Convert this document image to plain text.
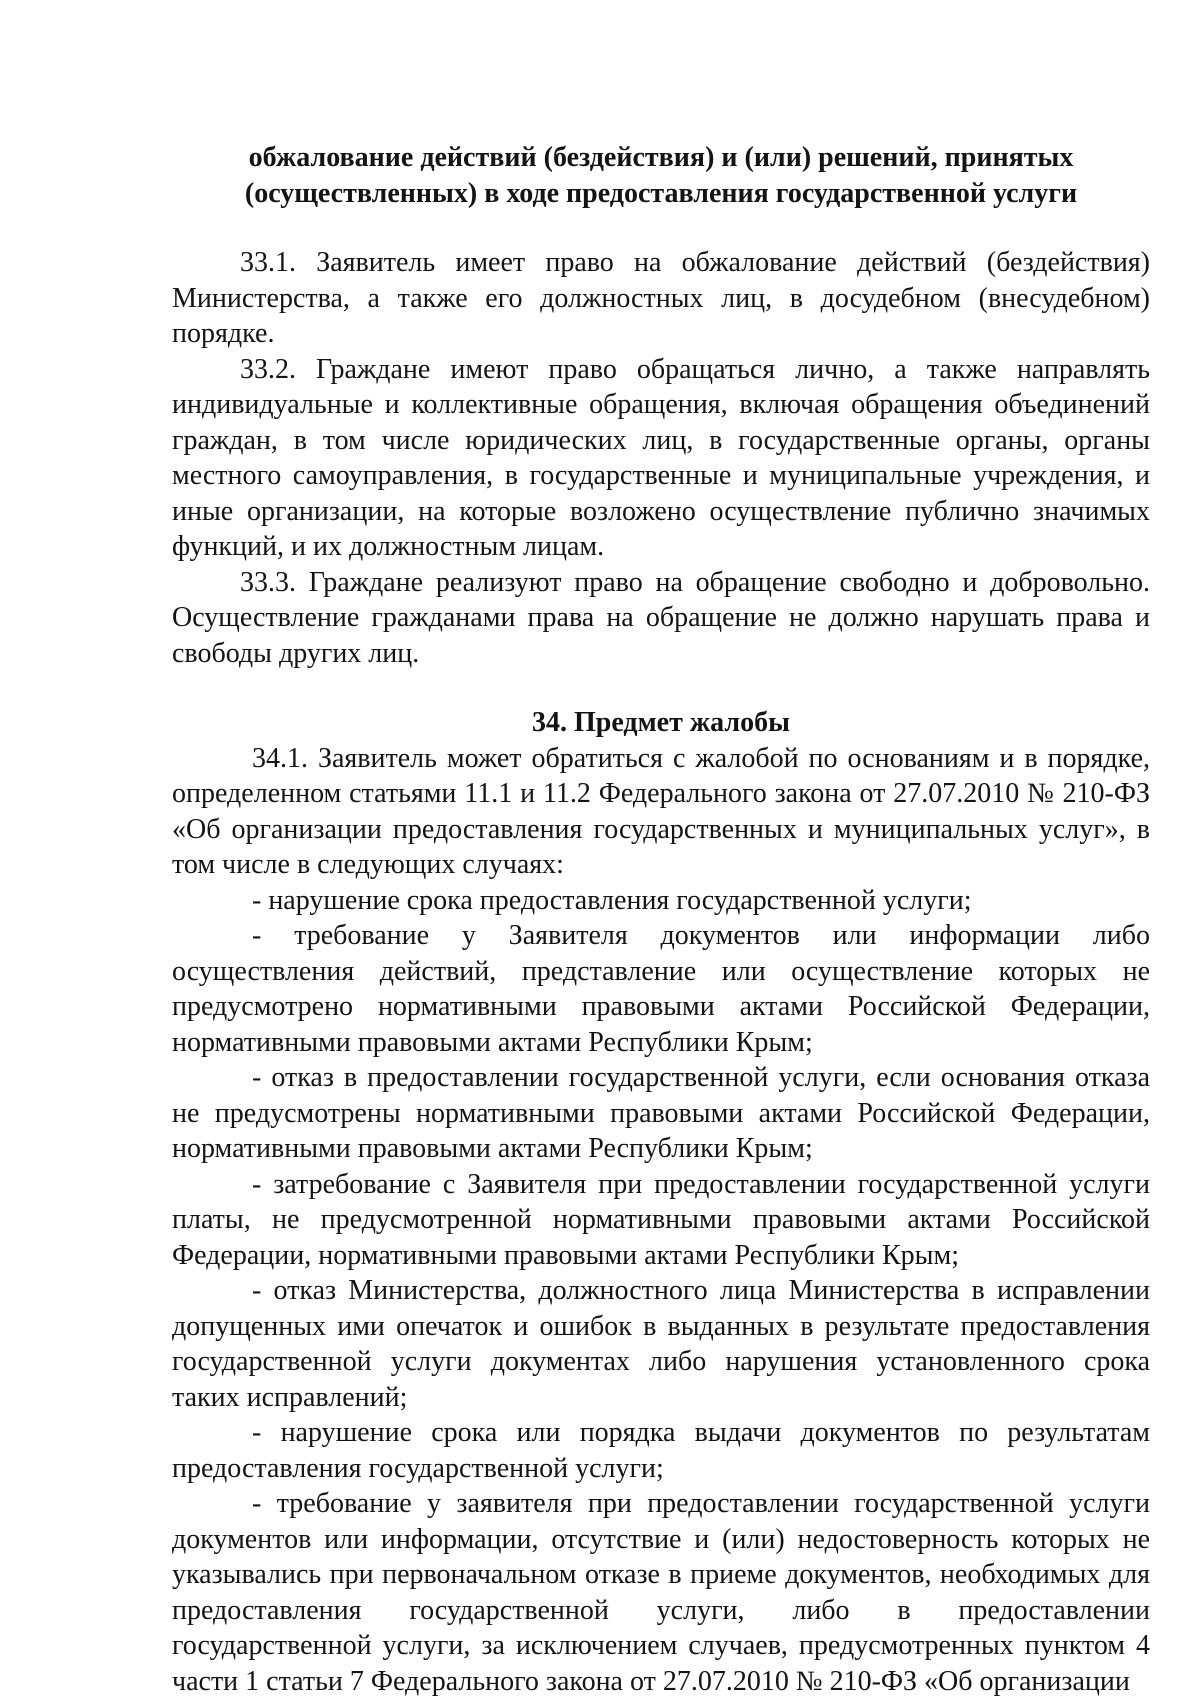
обжалование действий (бездействия) и (или) решений, принятых (осуществленных) в ходе предоставления государственной услуги

33.1. Заявитель имеет право на обжалование действий (бездействия) Министерства, а также его должностных лиц, в досудебном (внесудебном) порядке.

33.2. Граждане имеют право обращаться лично, а также направлять индивидуальные и коллективные обращения, включая обращения объединений граждан, в том числе юридических лиц, в государственные органы, органы местного самоуправления, в государственные и муниципальные учреждения, и иные организации, на которые возложено осуществление публично значимых функций, и их должностным лицам.

33.3. Граждане реализуют право на обращение свободно и добровольно. Осуществление гражданами права на обращение не должно нарушать права и свободы других лиц.

34. Предмет жалобы

34.1. Заявитель может обратиться с жалобой по основаниям и в порядке, определенном статьями 11.1 и 11.2 Федерального закона от 27.07.2010 № 210-ФЗ «Об организации предоставления государственных и муниципальных услуг», в том числе в следующих случаях:

- нарушение срока предоставления государственной услуги;

- требование у Заявителя документов или информации либо осуществления действий, представление или осуществление которых не предусмотрено нормативными правовыми актами Российской Федерации, нормативными правовыми актами Республики Крым;

- отказ в предоставлении государственной услуги, если основания отказа не предусмотрены нормативными правовыми актами Российской Федерации, нормативными правовыми актами Республики Крым;

- затребование с Заявителя при предоставлении государственной услуги платы, не предусмотренной нормативными правовыми актами Российской Федерации, нормативными правовыми актами Республики Крым;

- отказ Министерства, должностного лица Министерства в исправлении допущенных ими опечаток и ошибок в выданных в результате предоставления государственной услуги документах либо нарушения установленного срока таких исправлений;

- нарушение срока или порядка выдачи документов по результатам предоставления государственной услуги;

- требование у заявителя при предоставлении государственной услуги документов или информации, отсутствие и (или) недостоверность которых не указывались при первоначальном отказе в приеме документов, необходимых для предоставления государственной услуги, либо в предоставлении государственной услуги, за исключением случаев, предусмотренных пунктом 4 части 1 статьи 7 Федерального закона от 27.07.2010 № 210-ФЗ «Об организации
